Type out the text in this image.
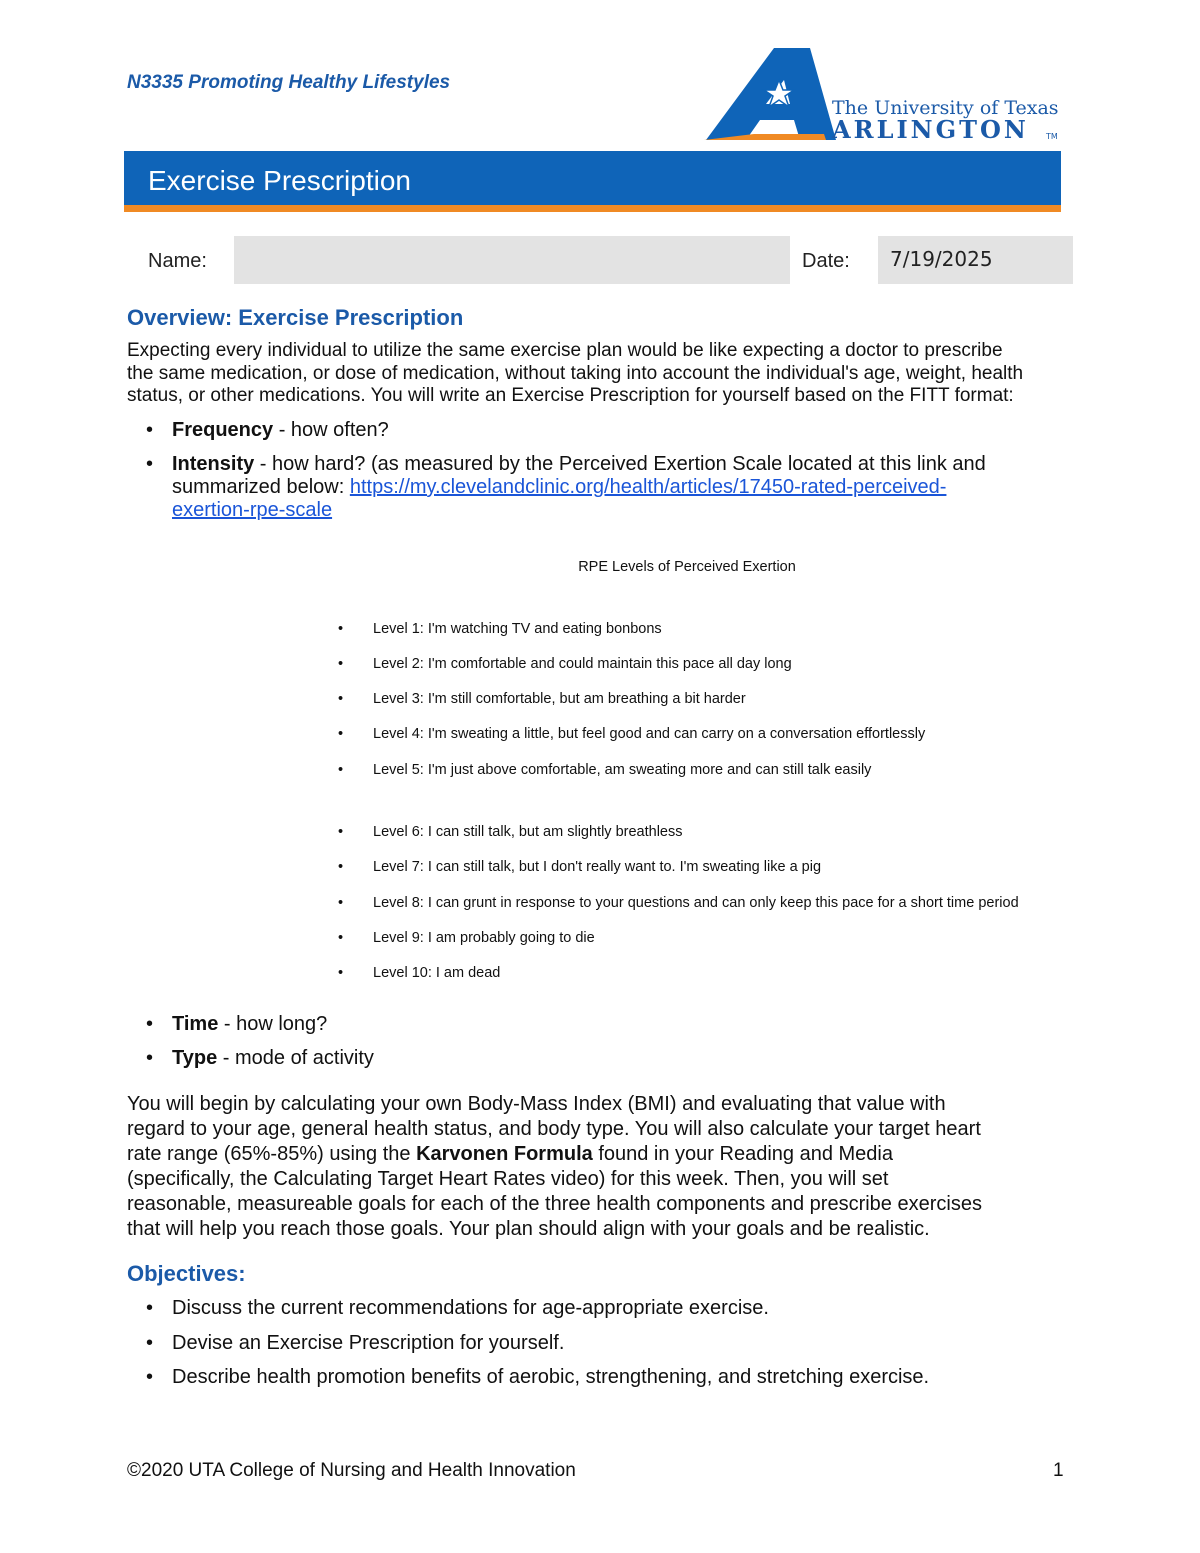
N3335 Promoting Healthy Lifestyles
The University of Texas
ARLINGTON TM
Exercise Prescription
Name:	Date:	7/19/2025
Overview: Exercise Prescription
Expecting every individual to utilize the same exercise plan would be like expecting a doctor to prescribe
the same medication, or dose of medication, without taking into account the individual's age, weight, health
status, or other medications. You will write an Exercise Prescription for yourself based on the FITT format:
• Frequency - how often?
• Intensity - how hard? (as measured by the Perceived Exertion Scale located at this link and
summarized below: https://my.clevelandclinic.org/health/articles/17450-rated-perceived-
exertion-rpe-scale
RPE Levels of Perceived Exertion
• Level 1: I'm watching TV and eating bonbons
• Level 2: I'm comfortable and could maintain this pace all day long
• Level 3: I'm still comfortable, but am breathing a bit harder
• Level 4: I'm sweating a little, but feel good and can carry on a conversation effortlessly
• Level 5: I'm just above comfortable, am sweating more and can still talk easily
• Level 6: I can still talk, but am slightly breathless
• Level 7: I can still talk, but I don't really want to. I'm sweating like a pig
• Level 8: I can grunt in response to your questions and can only keep this pace for a short time period
• Level 9: I am probably going to die
• Level 10: I am dead
• Time - how long?
• Type - mode of activity
You will begin by calculating your own Body-Mass Index (BMI) and evaluating that value with
regard to your age, general health status, and body type. You will also calculate your target heart
rate range (65%-85%) using the Karvonen Formula found in your Reading and Media
(specifically, the Calculating Target Heart Rates video) for this week. Then, you will set
reasonable, measureable goals for each of the three health components and prescribe exercises
that will help you reach those goals. Your plan should align with your goals and be realistic.
Objectives:
• Discuss the current recommendations for age-appropriate exercise.
• Devise an Exercise Prescription for yourself.
• Describe health promotion benefits of aerobic, strengthening, and stretching exercise.
©2020 UTA College of Nursing and Health Innovation	1
